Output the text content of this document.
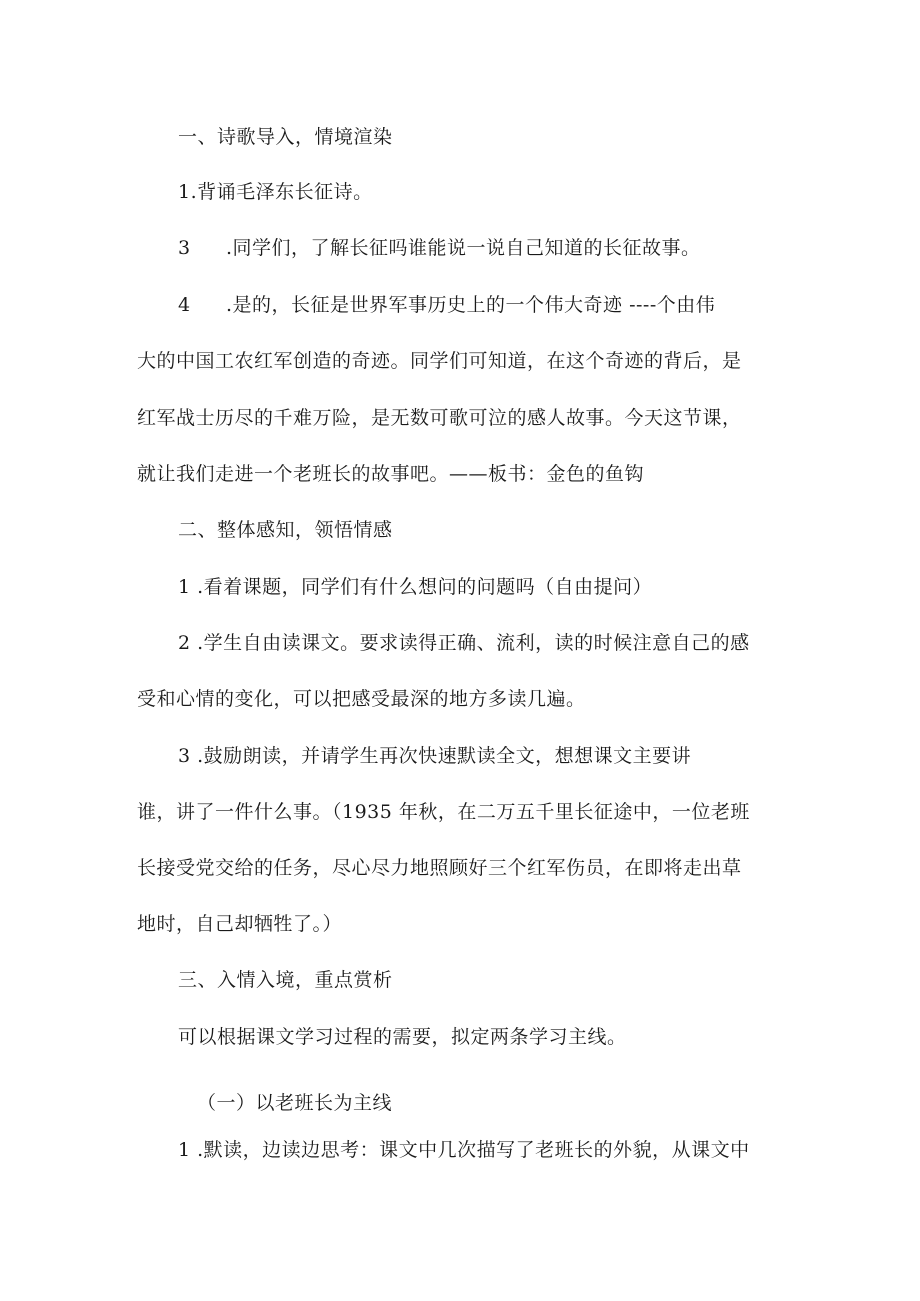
一、诗歌导入，情境渲染
1.背诵毛泽东长征诗。
3 .同学们，了解长征吗谁能说一说自己知道的长征故事。
4 .是的，长征是世界军事历史上的一个伟大奇迹 ----个由伟
大的中国工农红军创造的奇迹。同学们可知道，在这个奇迹的背后，是
红军战士历尽的千难万险，是无数可歌可泣的感人故事。今天这节课，
就让我们走进一个老班长的故事吧。——板书：金色的鱼钩
二、整体感知，领悟情感
1 .看着课题，同学们有什么想问的问题吗（自由提问）
2 .学生自由读课文。要求读得正确、流利，读的时候注意自己的感
受和心情的变化，可以把感受最深的地方多读几遍。
3 .鼓励朗读，并请学生再次快速默读全文，想想课文主要讲
谁，讲了一件什么事。（1935 年秋，在二万五千里长征途中，一位老班
长接受党交给的任务，尽心尽力地照顾好三个红军伤员，在即将走出草
地时，自己却牺牲了。）
三、入情入境，重点赏析
可以根据课文学习过程的需要，拟定两条学习主线。
（一）以老班长为主线
1 .默读，边读边思考：课文中几次描写了老班长的外貌，从课文中
